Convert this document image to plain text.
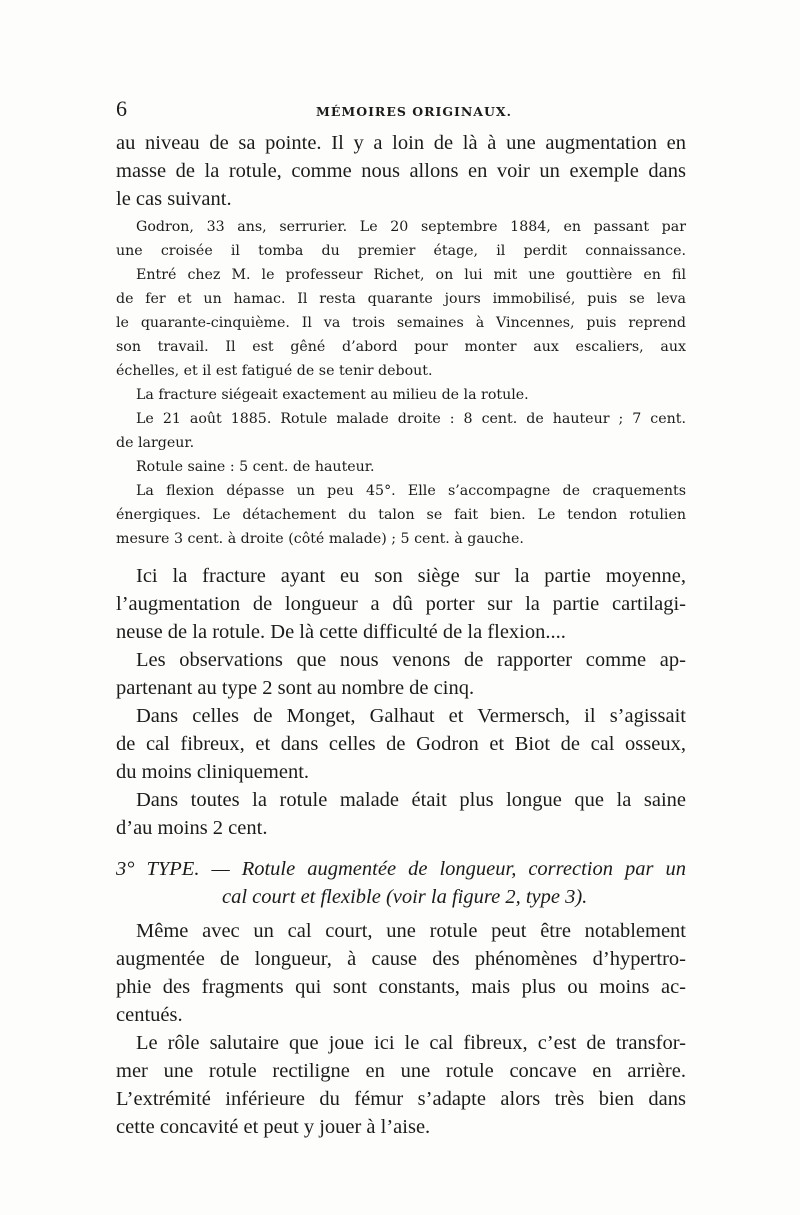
6	MÉMOIRES ORIGINAUX.
au niveau de sa pointe. Il y a loin de là à une augmentation en
masse de la rotule, comme nous allons en voir un exemple dans
le cas suivant.
Godron, 33 ans, serrurier. Le 20 septembre 1884, en passant par
une croisée il tomba du premier étage, il perdit connaissance.
Entré chez M. le professeur Richet, on lui mit une gouttière en fil
de fer et un hamac. Il resta quarante jours immobilisé, puis se leva
le quarante-cinquième. Il va trois semaines à Vincennes, puis reprend
son travail. Il est gêné d’abord pour monter aux escaliers, aux
échelles, et il est fatigué de se tenir debout.
La fracture siégeait exactement au milieu de la rotule.
Le 21 août 1885. Rotule malade droite : 8 cent. de hauteur ; 7 cent.
de largeur.
Rotule saine : 5 cent. de hauteur.
La flexion dépasse un peu 45°. Elle s’accompagne de craquements
énergiques. Le détachement du talon se fait bien. Le tendon rotulien
mesure 3 cent. à droite (côté malade) ; 5 cent. à gauche.
Ici la fracture ayant eu son siège sur la partie moyenne,
l’augmentation de longueur a dû porter sur la partie cartilagi-
neuse de la rotule. De là cette difficulté de la flexion....
Les observations que nous venons de rapporter comme ap-
partenant au type 2 sont au nombre de cinq.
Dans celles de Monget, Galhaut et Vermersch, il s’agissait
de cal fibreux, et dans celles de Godron et Biot de cal osseux,
du moins cliniquement.
Dans toutes la rotule malade était plus longue que la saine
d’au moins 2 cent.
3° TYPE. — Rotule augmentée de longueur, correction par un
cal court et flexible (voir la figure 2, type 3).
Même avec un cal court, une rotule peut être notablement
augmentée de longueur, à cause des phénomènes d’hypertro-
phie des fragments qui sont constants, mais plus ou moins ac-
centués.
Le rôle salutaire que joue ici le cal fibreux, c’est de transfor-
mer une rotule rectiligne en une rotule concave en arrière.
L’extrémité inférieure du fémur s’adapte alors très bien dans
cette concavité et peut y jouer à l’aise.
